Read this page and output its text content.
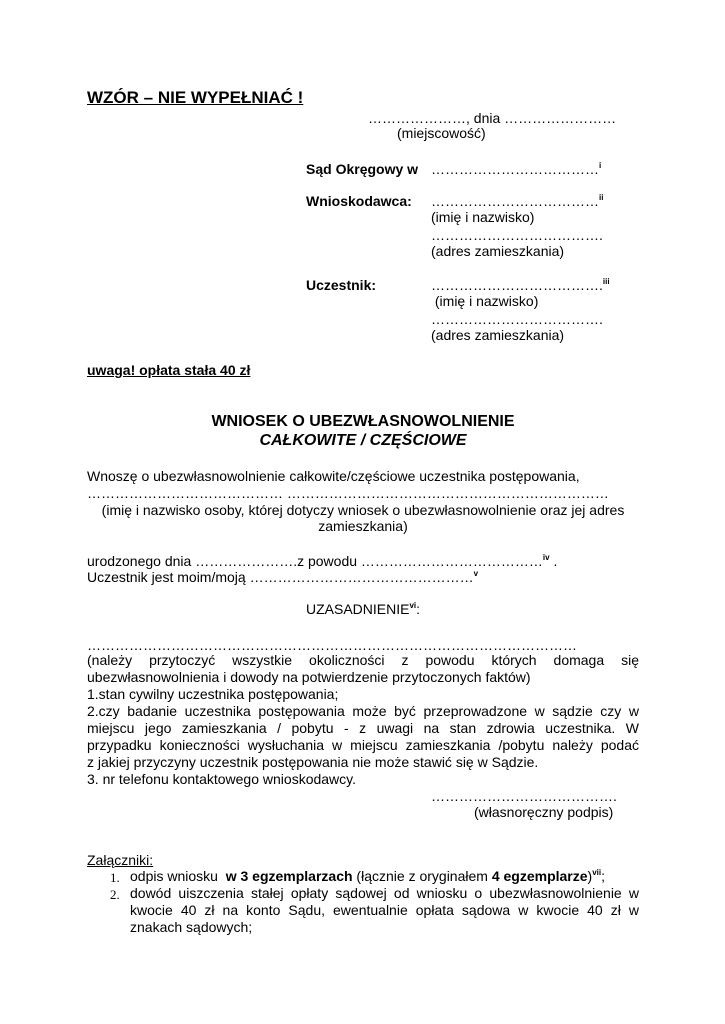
WZÓR – NIE WYPEŁNIAĆ !
…………………, dnia ……………………
(miejscowość)
Sąd Okręgowy w ………………………………$^i$
Wnioskodawca: ………………………………$^{ii}$
(imię i nazwisko)
……………………………….
(adres zamieszkania)
Uczestnik:	……………………………….$^{iii}$
(imię i nazwisko)
……………………………….
(adres zamieszkania)
uwaga! opłata stała 40 zł
WNIOSEK O UBEZWŁASNOWOLNIENIE
CAŁKOWITE / CZĘŚCIOWE
Wnoszę o ubezwłasnowolnienie całkowite/częściowe uczestnika postępowania,
…………………………………… ……………………………………………………………
(imię i nazwisko osoby, której dotyczy wniosek o ubezwłasnowolnienie oraz jej adres
zamieszkania)
urodzonego dnia ………………….z powodu …………………………………$^{iv}$ .
Uczestnik jest moim/moją …………………………………………$^v$
UZASADNIENIE$^{vi}$:
……………………………………………………………………………………………
(należy przytoczyć wszystkie okoliczności z powodu których domaga się
ubezwłasnowolnienia i dowody na potwierdzenie przytoczonych faktów)
1.stan cywilny uczestnika postępowania;
2.czy badanie uczestnika postępowania może być przeprowadzone w sądzie czy w
miejscu jego zamieszkania / pobytu - z uwagi na stan zdrowia uczestnika. W
przypadku konieczności wysłuchania w miejscu zamieszkania /pobytu należy podać
z jakiej przyczyny uczestnik postępowania nie może stawić się w Sądzie.
3. nr telefonu kontaktowego wnioskodawcy.
………………………………….
(własnoręczny podpis)
Załączniki:
1. odpis wniosku  w 3 egzemplarzach (łącznie z oryginałem 4 egzemplarze)$^{vii}$;
2. dowód uiszczenia stałej opłaty sądowej od wniosku o ubezwłasnowolnienie w
kwocie 40 zł na konto Sądu, ewentualnie opłata sądowa w kwocie 40 zł w
znakach sądowych;
